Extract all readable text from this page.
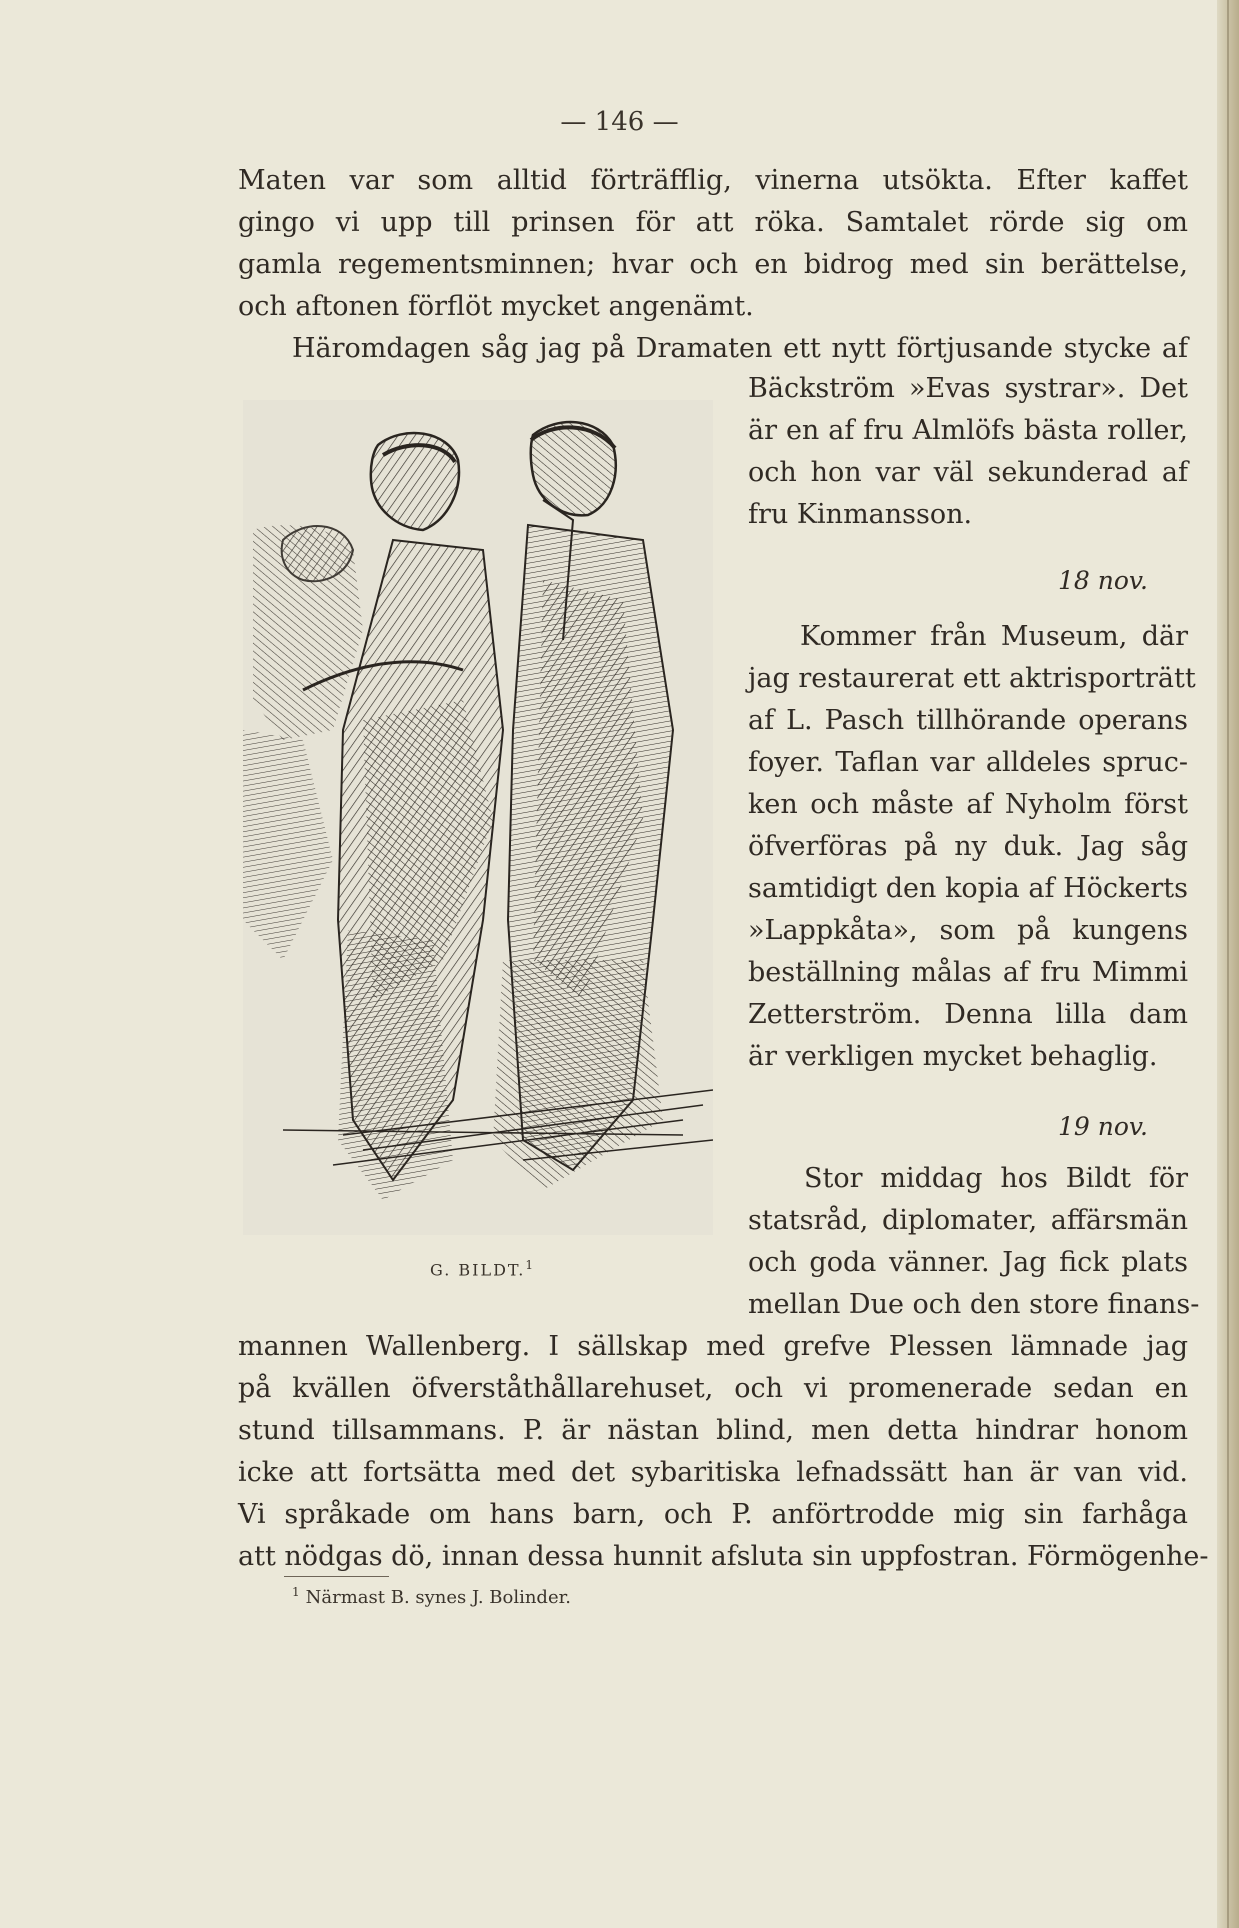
— 146 —
Maten var som alltid förträfflig, vinerna utsökta. Efter kaffet
gingo vi upp till prinsen för att röka. Samtalet rörde sig om
gamla regementsminnen; hvar och en bidrog med sin berättelse,
och aftonen förflöt mycket angenämt.
Häromdagen såg jag på Dramaten ett nytt förtjusande stycke af
Bäckström »Evas systrar». Det
är en af fru Almlöfs bästa roller,
och hon var väl sekunderad af
fru Kinmansson.
18 nov.
Kommer från Museum, där
jag restaurerat ett aktrisporträtt
af L. Pasch tillhörande operans
foyer. Taflan var alldeles spruc-
ken och måste af Nyholm först
öfverföras på ny duk. Jag såg
samtidigt den kopia af Höckerts
»Lappkåta», som på kungens
beställning målas af fru Mimmi
Zetterström. Denna lilla dam
är verkligen mycket behaglig.
19 nov.
Stor middag hos Bildt för
statsråd, diplomater, affärsmän
och goda vänner. Jag fick plats
mellan Due och den store finans-
mannen Wallenberg. I sällskap med grefve Plessen lämnade jag
på kvällen öfverståthållarehuset, och vi promenerade sedan en
stund tillsammans. P. är nästan blind, men detta hindrar honom
icke att fortsätta med det sybaritiska lefnadssätt han är van vid.
Vi språkade om hans barn, och P. anförtrodde mig sin farhåga
att nödgas dö, innan dessa hunnit afsluta sin uppfostran. Förmögenhe-
G. BILDT.$^1$
$^1$ Närmast B. synes J. Bolinder.
